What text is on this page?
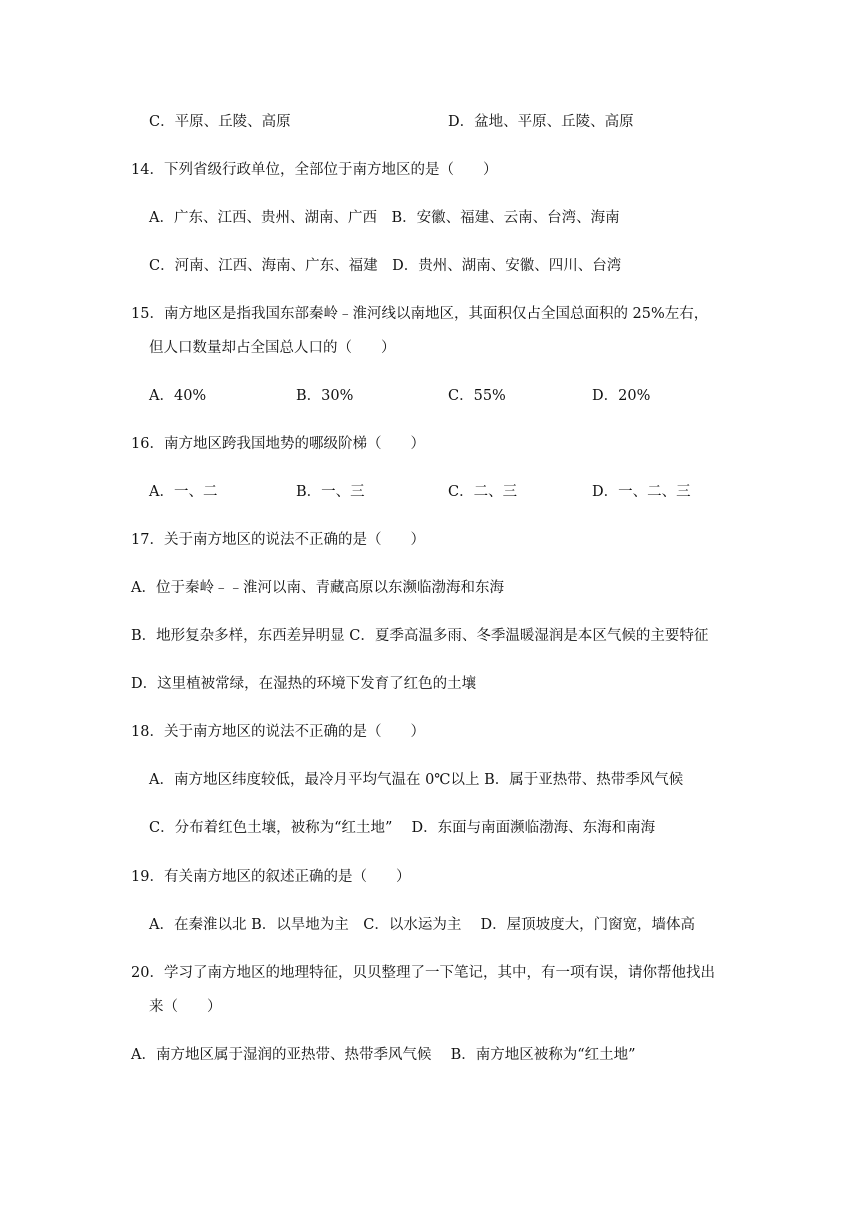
C．平原、丘陵、高原	D．盆地、平原、丘陵、高原
14．下列省级行政单位，全部位于南方地区的是（　　）
A．广东、江西、贵州、湖南、广西　B．安徽、福建、云南、台湾、海南
C．河南、江西、海南、广东、福建　D．贵州、湖南、安徽、四川、台湾
15．南方地区是指我国东部秦岭﹣淮河线以南地区，其面积仅占全国总面积的 25%左右，
但人口数量却占全国总人口的（　　）
A．40%	B．30%	C．55%	D．20%
16．南方地区跨我国地势的哪级阶梯（　　）
A．一、二	B．一、三	C．二、三	D．一、二、三
17．关于南方地区的说法不正确的是（　　）
A．位于秦岭﹣﹣淮河以南、青藏高原以东濒临渤海和东海
B．地形复杂多样，东西差异明显 C．夏季高温多雨、冬季温暖湿润是本区气候的主要特征
D．这里植被常绿，在湿热的环境下发育了红色的土壤
18．关于南方地区的说法不正确的是（　　）
A．南方地区纬度较低，最冷月平均气温在 0℃以上 B．属于亚热带、热带季风气候
C．分布着红色土壤，被称为“红土地”　 D．东面与南面濒临渤海、东海和南海
19．有关南方地区的叙述正确的是（　　）
A．在秦淮以北 B．以旱地为主　C．以水运为主　 D．屋顶坡度大，门窗宽，墙体高
20．学习了南方地区的地理特征，贝贝整理了一下笔记，其中，有一项有误，请你帮他找出
来（　　）
A．南方地区属于湿润的亚热带、热带季风气候　 B．南方地区被称为“红土地”
